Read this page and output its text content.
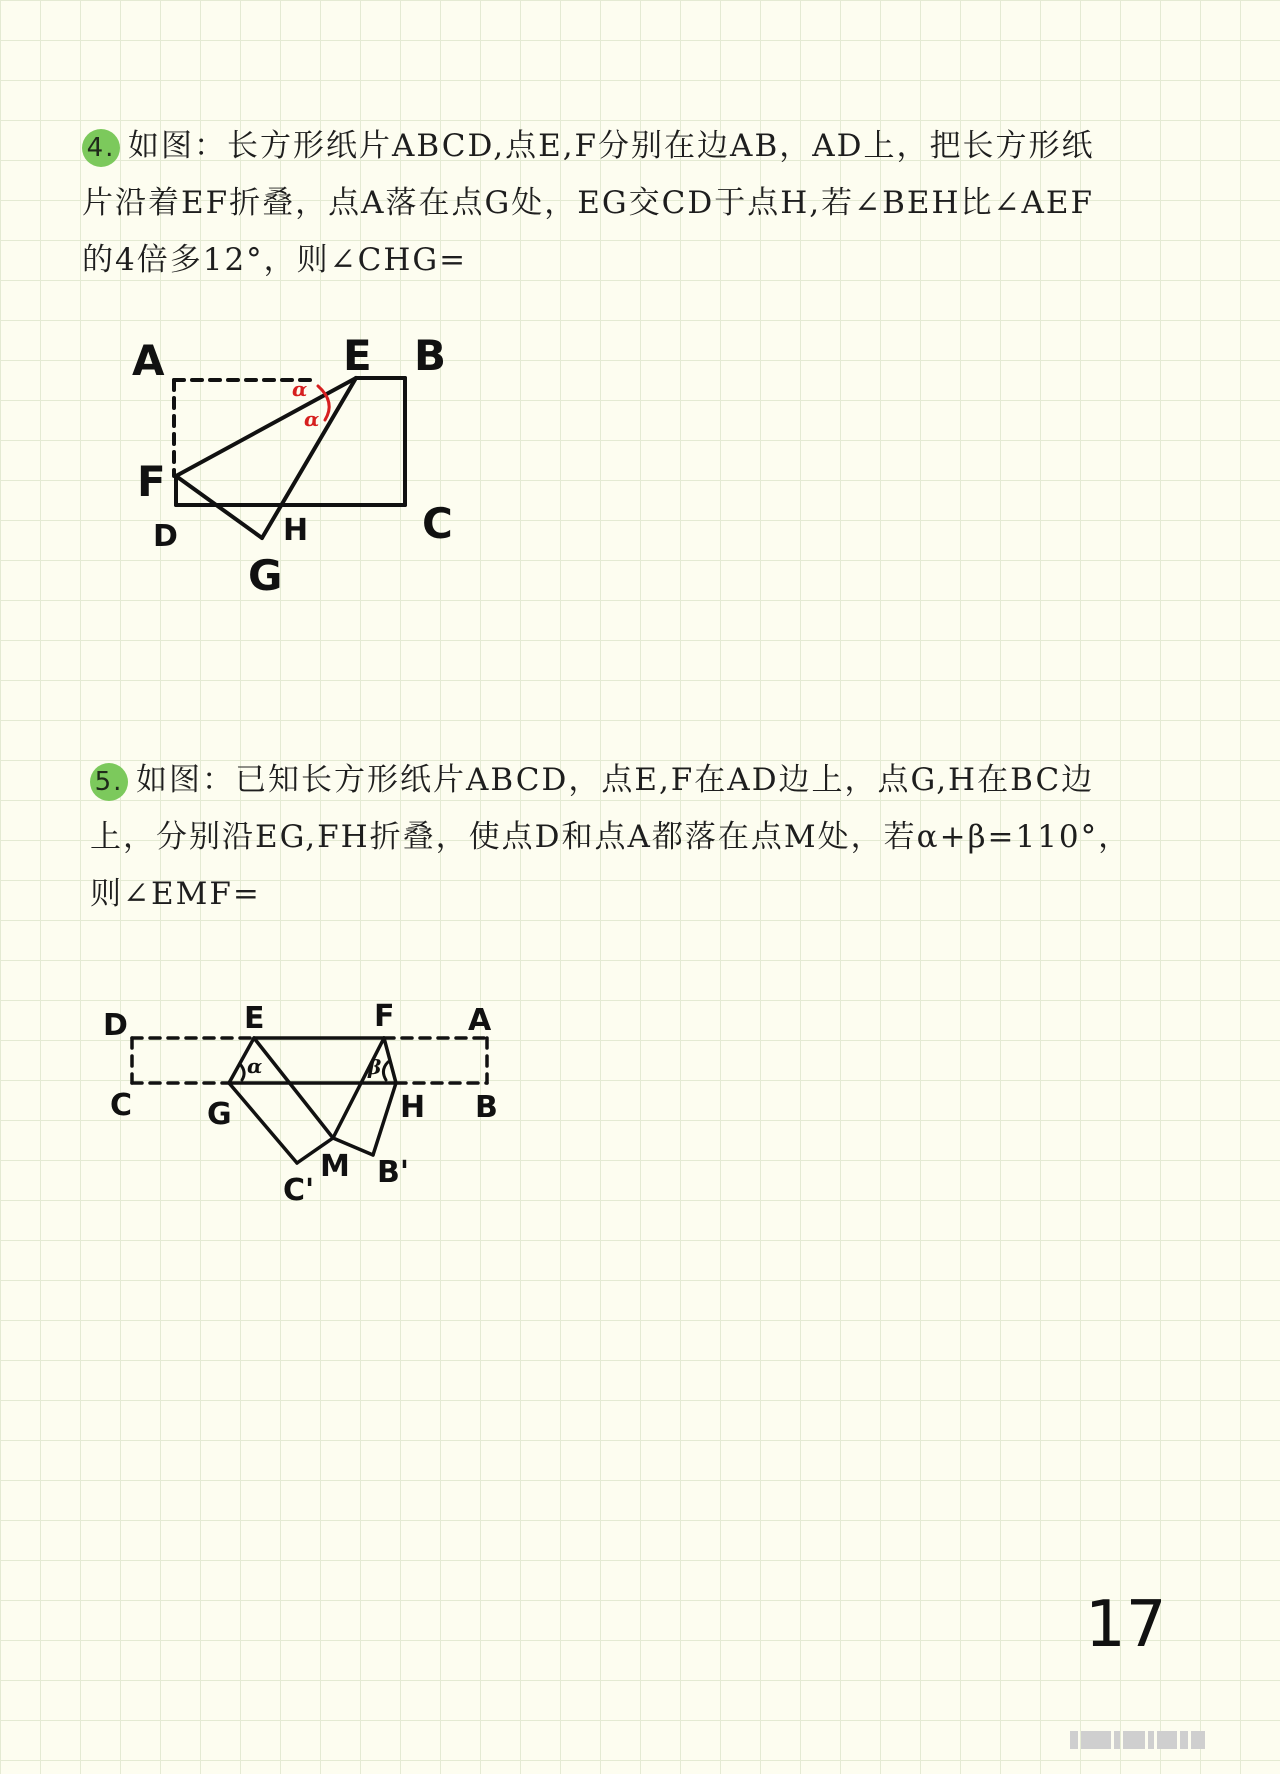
4. 如图：长方形纸片ABCD,点E,F分别在边AB，AD上，把长方形纸
片沿着EF折叠，点A落在点G处，EG交CD于点H,若∠BEH比∠AEF
的4倍多12°，则∠CHG=
α
α
A	E B
F
C
D	H
G
5. 如图：已知长方形纸片ABCD，点E,F在AD边上，点G,H在BC边
上，分别沿EG,FH折叠，使点D和点A都落在点M处，若α+β=110°，
则∠EMF=
α	β
D	E	F A
C G	H B
C'
M B'
17
